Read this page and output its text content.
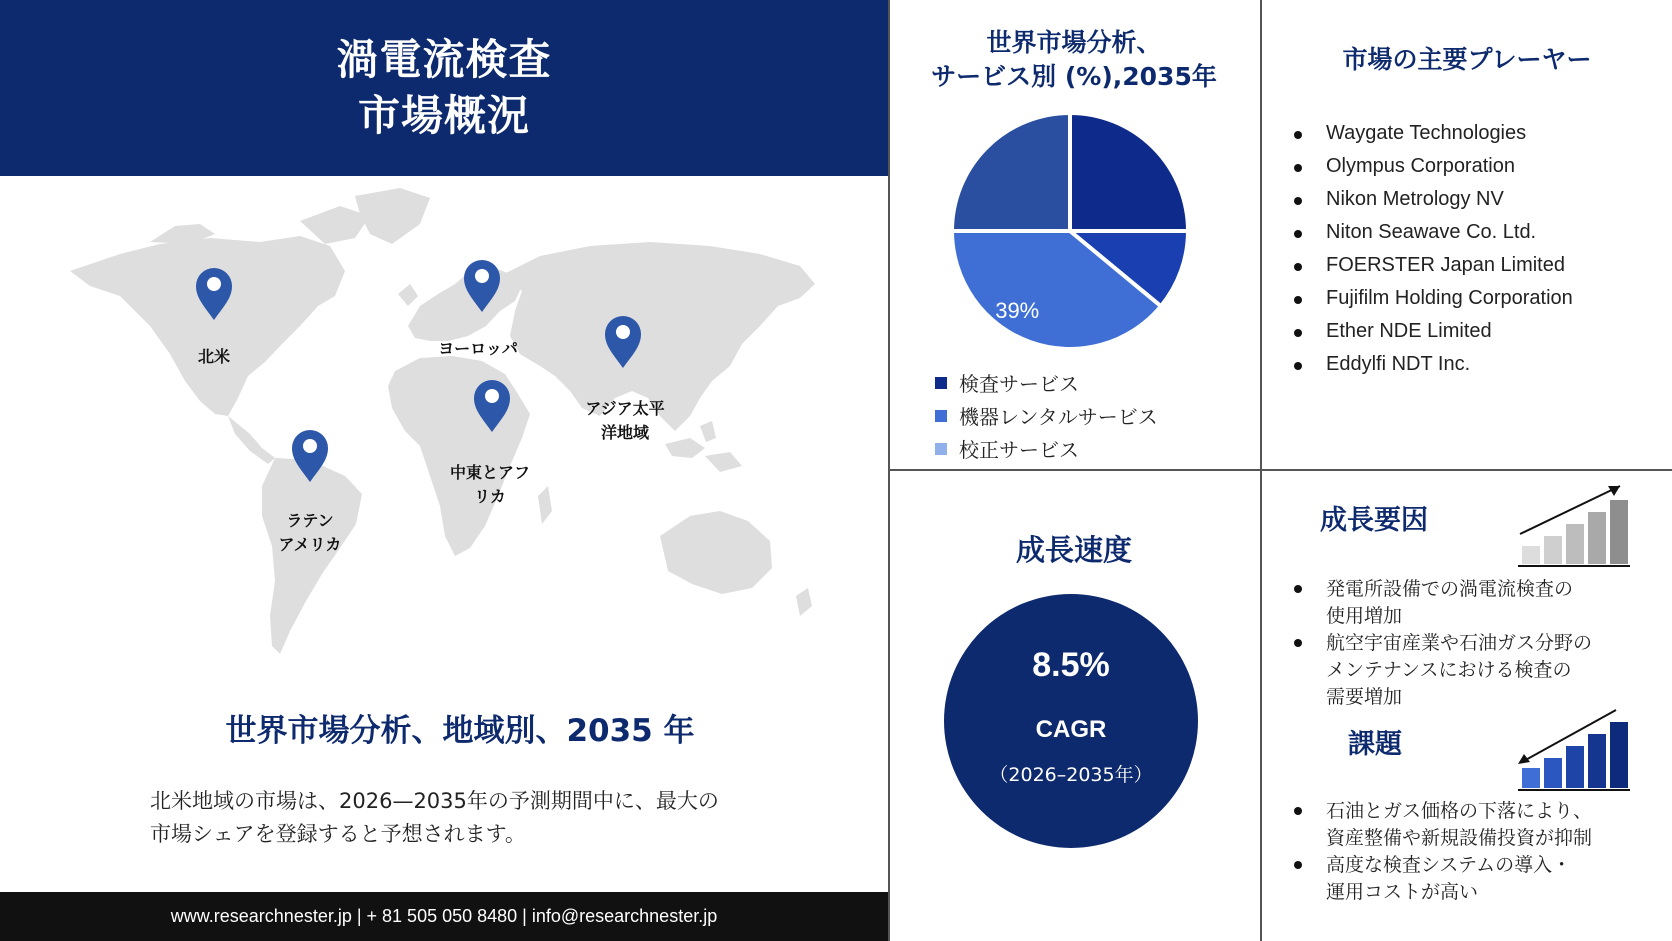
渦電流検査
市場概況
北米	ヨーロッパ
アジア太平
洋地域
中東とアフ
リカ
ラテン
アメリカ
世界市場分析、地域別、2035 年
北米地域の市場は、2026—2035年の予測期間中に、最大の
市場シェアを登録すると予想されます。
www.researchnester.jp | + 81 505 050 8480 | info@researchnester.jp
世界市場分析、
サービス別 (%),2035年
39%
検査サービス
機器レンタルサービス
校正サービス
市場の主要プレーヤー
Waygate Technologies
Olympus Corporation
Nikon Metrology NV
Niton Seawave Co. Ltd.
FOERSTER Japan Limited
Fujifilm Holding Corporation
Ether NDE Limited
Eddylfi NDT Inc.
成長速度
8.5%
CAGR
（2026–2035年）
成長要因
発電所設備での渦電流検査の
使用増加
航空宇宙産業や石油ガス分野の
メンテナンスにおける検査の
需要増加
課題
石油とガス価格の下落により、
資産整備や新規設備投資が抑制
高度な検査システムの導入・
運用コストが高い
